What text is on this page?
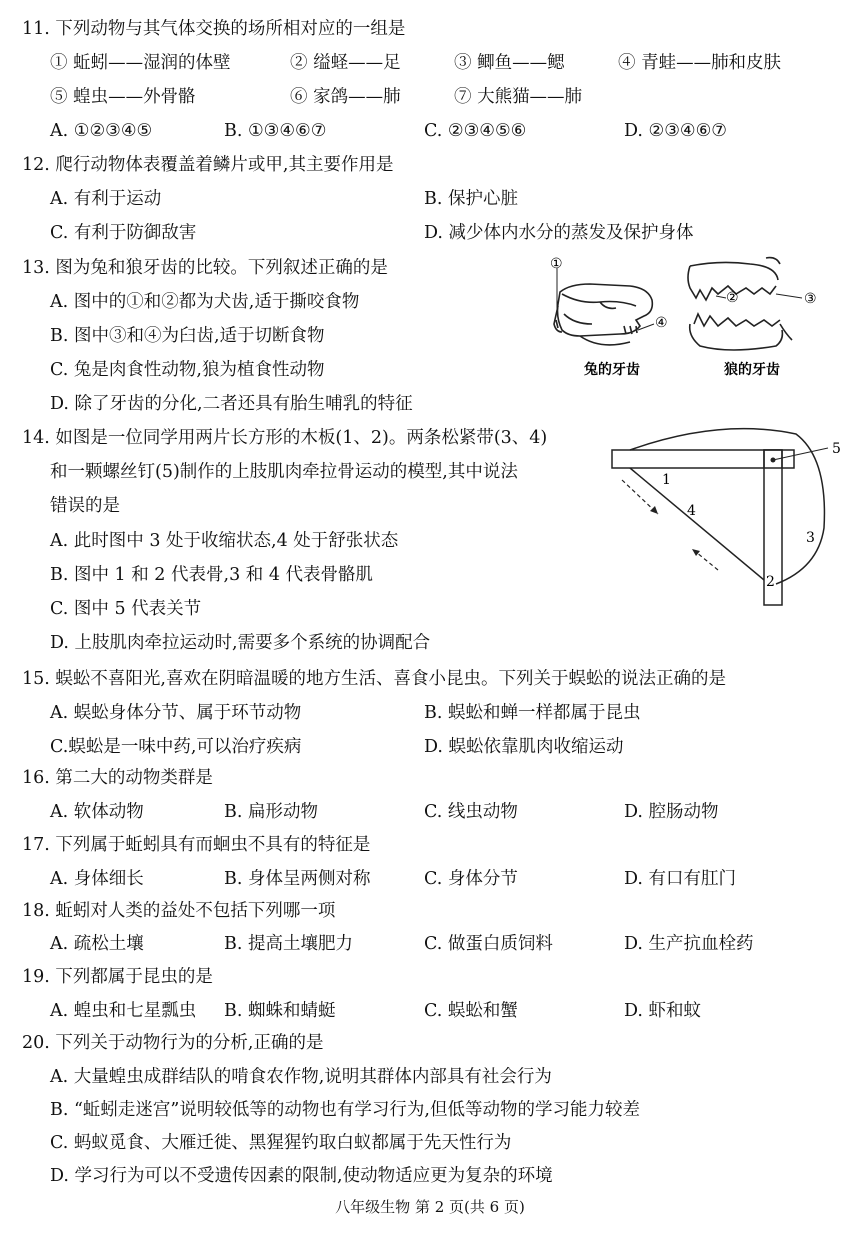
11. 下列动物与其气体交换的场所相对应的一组是
① 蚯蚓——湿润的体壁	② 缢蛏——足	③ 鲫鱼——鳃	④ 青蛙——肺和皮肤
⑤ 蝗虫——外骨骼	⑥ 家鸽——肺	⑦ 大熊猫——肺
A. ①②③④⑤	B. ①③④⑥⑦	C. ②③④⑤⑥	D. ②③④⑥⑦
12. 爬行动物体表覆盖着鳞片或甲,其主要作用是
A. 有利于运动	B. 保护心脏
C. 有利于防御敌害	D. 减少体内水分的蒸发及保护身体
13. 图为兔和狼牙齿的比较。下列叙述正确的是
A. 图中的①和②都为犬齿,适于撕咬食物
B. 图中③和④为臼齿,适于切断食物
C. 兔是肉食性动物,狼为植食性动物
D. 除了牙齿的分化,二者还具有胎生哺乳的特征
①
④
②	③
兔的牙齿	狼的牙齿
14. 如图是一位同学用两片长方形的木板(1、2)。两条松紧带(3、4)
和一颗螺丝钉(5)制作的上肢肌肉牵拉骨运动的模型,其中说法
错误的是
A. 此时图中 3 处于收缩状态,4 处于舒张状态
B. 图中 1 和 2 代表骨,3 和 4 代表骨骼肌
C. 图中 5 代表关节
D. 上肢肌肉牵拉运动时,需要多个系统的协调配合
1
4
3
2
5
15. 蜈蚣不喜阳光,喜欢在阴暗温暖的地方生活、喜食小昆虫。下列关于蜈蚣的说法正确的是
A. 蜈蚣身体分节、属于环节动物	B. 蜈蚣和蝉一样都属于昆虫
C.蜈蚣是一味中药,可以治疗疾病	D. 蜈蚣依靠肌肉收缩运动
16. 第二大的动物类群是
A. 软体动物	B. 扁形动物	C. 线虫动物	D. 腔肠动物
17. 下列属于蚯蚓具有而蛔虫不具有的特征是
A. 身体细长	B. 身体呈两侧对称	C. 身体分节	D. 有口有肛门
18. 蚯蚓对人类的益处不包括下列哪一项
A. 疏松土壤	B. 提高土壤肥力	C. 做蛋白质饲料	D. 生产抗血栓药
19. 下列都属于昆虫的是
A. 蝗虫和七星瓢虫 B. 蜘蛛和蜻蜓	C. 蜈蚣和蟹	D. 虾和蚊
20. 下列关于动物行为的分析,正确的是
A. 大量蝗虫成群结队的啃食农作物,说明其群体内部具有社会行为
B. “蚯蚓走迷宫”说明较低等的动物也有学习行为,但低等动物的学习能力较差
C. 蚂蚁觅食、大雁迁徙、黑猩猩钓取白蚁都属于先天性行为
D. 学习行为可以不受遗传因素的限制,使动物适应更为复杂的环境
八年级生物 第 2 页(共 6 页)
